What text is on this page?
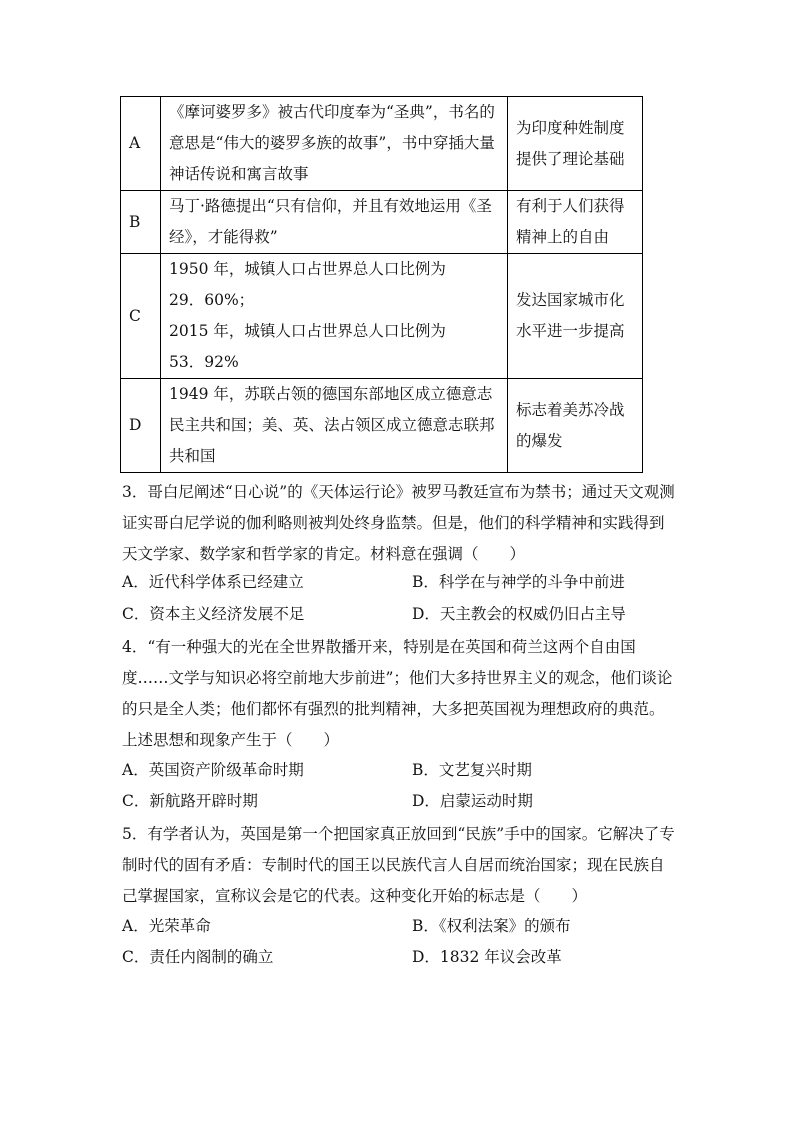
A	《摩诃婆罗多》被古代印度奉为“圣典”，书名的意思是“伟大的婆罗多族的故事”，书中穿插大量神话传说和寓言故事	为印度种姓制度提供了理论基础
B	马丁·路德提出“只有信仰，并且有效地运用《圣经》，才能得救”	有利于人们获得精神上的自由
C	1950 年，城镇人口占世界总人口比例为
29．60%；
2015 年，城镇人口占世界总人口比例为
53．92%	发达国家城市化水平进一步提高
D	1949 年，苏联占领的德国东部地区成立德意志民主共和国；美、英、法占领区成立德意志联邦共和国	标志着美苏冷战的爆发
3．哥白尼阐述“日心说”的《天体运行论》被罗马教廷宣布为禁书；通过天文观测证实哥白尼学说的伽利略则被判处终身监禁。但是，他们的科学精神和实践得到天文学家、数学家和哲学家的肯定。材料意在强调（　　）
A．近代科学体系已经建立	B．科学在与神学的斗争中前进
C．资本主义经济发展不足	D．天主教会的权威仍旧占主导
4．“有一种强大的光在全世界散播开来，特别是在英国和荷兰这两个自由国度……文学与知识必将空前地大步前进”；他们大多持世界主义的观念，他们谈论的只是全人类；他们都怀有强烈的批判精神，大多把英国视为理想政府的典范。上述思想和现象产生于（　　）
A．英国资产阶级革命时期	B．文艺复兴时期
C．新航路开辟时期	D．启蒙运动时期
5．有学者认为，英国是第一个把国家真正放回到“民族”手中的国家。它解决了专制时代的固有矛盾：专制时代的国王以民族代言人自居而统治国家；现在民族自己掌握国家，宣称议会是它的代表。这种变化开始的标志是（　　）
A．光荣革命	B．《权利法案》的颁布
C．责任内阁制的确立	D．1832 年议会改革
